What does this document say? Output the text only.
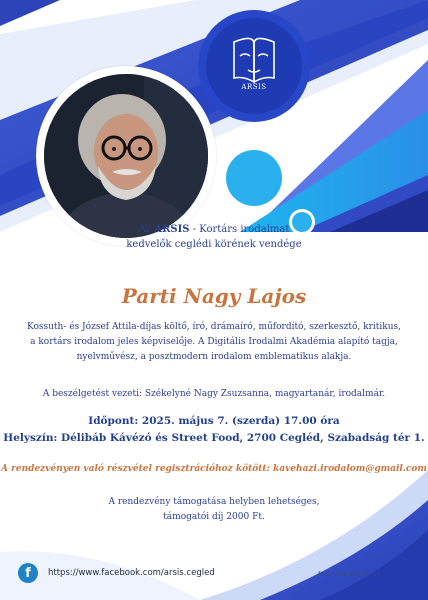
ARSIS
Az ARSIS - Kortárs irodalmat
kedvelők ceglédi körének vendége
Parti Nagy Lajos
Kossuth- és József Attila-díjas költő, író, drámaíró, műfordító, szerkesztő, kritikus,
a kortárs irodalom jeles képviselője. A Digitális Irodalmi Akadémia alapító tagja,
nyelvművész, a posztmodern irodalom emblematikus alakja.
A beszélgetést vezeti: Székelyné Nagy Zsuzsanna, magyartanár, irodalmár.
Időpont: 2025. május 7. (szerda) 17.00 óra
Helyszín: Délibáb Kávézó és Street Food, 2700 Cegléd, Szabadság tér 1.
A rendezvényen való részvétel regisztrációhoz kötött: kavehazi.irodalom@gmail.com
A rendezvény támogatása helyben lehetséges,
támogatói díj 2000 Ft.
f	https://www.facebook.com/arsis.cegled	fotó: Kincses Gyula
